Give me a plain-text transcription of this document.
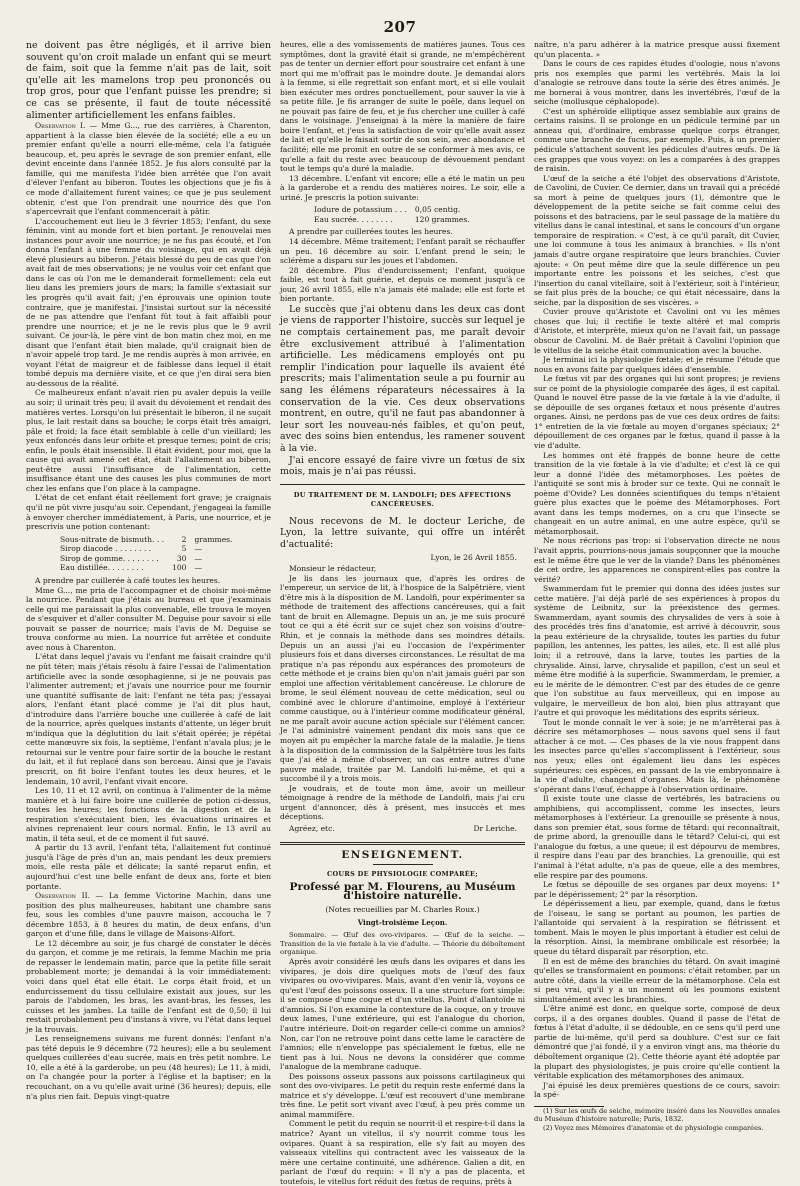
207

ne doivent pas être négligés, et il arrive bien souvent qu'on croit malade un enfant qui se meurt de faim, soit que la femme n'ait pas de lait, soit qu'elle ait les mamelons trop peu prononcés ou trop gros, pour que l'enfant puisse les prendre; si ce cas se présente, il faut de toute nécessité alimenter artificiellement les enfans faibles.

Observation I. — Mme G..., rue des carrières, à Charenton, appartient à la classe bien élevée de la société; elle a eu un premier enfant qu'elle a nourri elle-même, cela l'a fatiguée beaucoup, et, peu après le sevrage de son premier enfant, elle devint enceinte dans l'année 1852. Je fus alors consulté par la famille, qui me manifesta l'idée bien arrêtée que l'on avait d'élever l'enfant au biberon. Toutes les objections que je fis à ce mode d'allaitement furent vaines; ce que je pus seulement obtenir, c'est que l'on prendrait une nourrice dès que l'on s'apercevrait que l'enfant commencerait à pâtir.

L'accouchement eut lieu le 3 février 1853; l'enfant, du sexe féminin, vint au monde fort et bien portant. Je renouvelai mes instances pour avoir une nourrice; je ne fus pas écouté, et l'on donna l'enfant à une femme du voisinage, qui en avait déjà élevé plusieurs au biberon. J'étais blessé du peu de cas que l'on avait fait de mes observations; je ne voulus voir cet enfant que dans le cas où l'on me le demanderait formellement: cela eut lieu dans les premiers jours de mars; la famille s'extasiait sur les progrès qu'il avait fait; j'en éprouvais une opinion toute contraire, que je manifestai. J'insistai surtout sur la nécessité de ne pas attendre que l'enfant fût tout à fait affaibli pour prendre une nourrice; et je ne le revis plus que le 9 avril suivant. Ce jour-là, le père vint de bon matin chez moi, en me disant que l'enfant était bien malade, qu'il craignait bien de n'avoir appelé trop tard. Je me rendis auprès à mon arrivée, en voyant l'état de maigreur et de faiblesse dans lequel il était tombé depuis ma dernière visite, et ce que j'en dirai sera bien au-dessous de la réalité.

Ce malheureux enfant n'avait rien pu avaler depuis la veille au soir; il urinait très peu; il avait du dévoiement et rendait des matières vertes. Lorsqu'on lui présentait le biberon, il ne suçait plus, le lait restait dans sa bouche; le corps était très amaigri, pâle et froid; la face était semblable à celle d'un vieillard; les yeux enfoncés dans leur orbite et presque ternes; point de cris; enfin, le pouls était insensible. Il était évident, pour moi, que la cause qui avait amené cet état, était l'allaitement au biberon, peut-être aussi l'insuffisance de l'alimentation, cette insuffisance étant une des causes les plus communes de mort chez les enfans que l'on place à la campagne.

L'état de cet enfant était réellement fort grave; je craignais qu'il ne pût vivre jusqu'au soir. Cependant, j'engageai la famille à envoyer chercher immédiatement, à Paris, une nourrice, et je prescrivis une potion contenant:

Sous-nitrate de bismuth. . .	2	grammes.
Sirop diacode . . . . . . . .	5	—
Sirop de gomme. . . . . . . .	30	—
Eau distillée. . . . . . . .	100	—

A prendre par cuillerée à café toutes les heures.

Mme G..., me pria de l'accompagner et de choisir moi-même la nourrice. Pendant que j'étais au bureau et que j'examinais celle qui me paraissait la plus convenable, elle trouva le moyen de s'esquiver et d'aller consulter M. Deguise pour savoir si elle pouvait se passer de nourrice; mais l'avis de M. Deguise se trouva conforme au mien. La nourrice fut arrêtée et conduite avec nous à Charenton.

L'état dans lequel j'avais vu l'enfant me faisait craindre qu'il ne pût téter; mais j'étais résolu à faire l'essai de l'alimentation artificielle avec la sonde œsophagienne, si je ne pouvais pas l'alimenter autrement; et j'avais une nourrice pour me fournir une quantité suffisante de lait: l'enfant ne téta pas; j'essayai alors, l'enfant étant placé comme je l'ai dit plus haut, d'introduire dans l'arrière bouche une cuillerée à café de lait de la nourrice, après quelques instants d'attente, un léger bruit m'indiqua que la déglutition du lait s'était opérée; je répétai cette manœuvre six fois, la septième, l'enfant n'avala plus; je le retournai sur le ventre pour faire sortir de la bouche le restant du lait, et il fut replacé dans son berceau. Ainsi que je l'avais prescrit, on fit boire l'enfant toutes les deux heures, et le lendemain, 10 avril, l'enfant vivait encore.

Les 10, 11 et 12 avril, on continua à l'alimenter de la même manière et à lui faire boire une cuillerée de potion ci-dessus, toutes les heures; les fonctions de la digestion et de la respiration s'exécutaient bien, les évacuations urinaires et alvines reprenaient leur cours normal. Enfin, le 13 avril au matin, il téta seul, et de ce moment il fut sauvé.

A partir du 13 avril, l'enfant téta, l'allaitement fut continué jusqu'à l'âge de près d'un an, mais pendant les deux premiers mois, elle resta pâle et délicate; la santé reparut enfin, et aujourd'hui c'est une belle enfant de deux ans, forte et bien portante.

Observation II. — La femme Victorine Machin, dans une position des plus malheureuses, habitant une chambre sans feu, sous les combles d'une pauvre maison, accoucha le 7 décembre 1853, à 8 heures du matin, de deux enfans, d'un garçon et d'une fille, dans le village de Maisons-Alfort.

Le 12 décembre au soir, je fus chargé de constater le décès du garçon, et comme je me retirais, la femme Machin me pria de repasser le lendemain matin, parce que la petite fille serait probablement morte; je demandai à la voir immédiatement: voici dans quel état elle était. Le corps était froid, et un endurcissement du tissu cellulaire existait aux joues, sur les parois de l'abdomen, les bras, les avant-bras, les fesses, les cuisses et les jambes. La taille de l'enfant est de 0,50; il lui restait probablement peu d'instans à vivre, vu l'état dans lequel je la trouvais.

Les renseignemens suivans me furent donnés: l'enfant n'a pas tété depuis le 9 décembre (72 heures); elle a bu seulement quelques cuillerées d'eau sucrée, mais en très petit nombre. Le 10, elle a été à la garderobe, un peu (48 heures); Le 11, à midi, on l'a changée pour la porter à l'église et la baptiser; en la recouchant, on a vu qu'elle avait uriné (36 heures); depuis, elle n'a plus rien fait. Depuis vingt-quatre

heures, elle a des vomissements de matières jaunes. Tous ces symptômes, dont la gravité était si grande, ne m'empêchèrent pas de tenter un dernier effort pour soustraire cet enfant à une mort qui me m'offrait pas le moindre doute. Je demandai alors à la femme, si elle regrettait son enfant mort, et si elle voulait bien exécuter mes ordres ponctuellement, pour sauver la vie à sa petite fille. Je fis arranger de suite le poêle, dans lequel on ne pouvait pas faire de feu, et je fus chercher une cuiller à café dans le voisinage. J'enseignai à la mère la manière de faire boire l'enfant, et j'eus la satisfaction de voir qu'elle avait assez de lait et qu'elle le faisait sortir de son sein, avec abondance et facilité; elle me promit en outre de se conformer à mes avis, ce qu'elle a fait du reste avec beaucoup de dévouement pendant tout le temps qu'a duré la maladie.

13 décembre. L'enfant vit encore; elle a été le matin un peu à la garderobe et a rendu des matières noires. Le soir, elle a uriné. Je prescris la potion suivante:

Iodure de potassium . . .	0,05 centig.
Eau sucrée. . . . . . . .	120 grammes.

A prendre par cuillerées toutes les heures.

14 décembre. Même traitement; l'enfant paraît se réchauffer un peu. 16 décembre au soir. L'enfant prend le sein; le sclérème a disparu sur les joues et l'abdomen.

28 décembre. Plus d'endurcissement; l'enfant, quoique faible, est tout à fait guérie, et depuis ce moment jusqu'à ce jour, 26 avril 1855, elle n'a jamais été malade; elle est forte et bien portante.

Le succès que j'ai obtenu dans les deux cas dont je viens de rapporter l'histoire, succès sur lequel je ne comptais certainement pas, me paraît devoir être exclusivement attribué à l'alimentation artificielle. Les médicamens employés ont pu remplir l'indication pour laquelle ils avaient été prescrits; mais l'alimentation seule a pu fournir au sang les élémens réparateurs nécessaires à la conservation de la vie. Ces deux observations montrent, en outre, qu'il ne faut pas abandonner à leur sort les nouveau-nés faibles, et qu'on peut, avec des soins bien entendus, les ramener souvent à la vie.

J'ai encore essayé de faire vivre un fœtus de six mois, mais je n'ai pas réussi.

DU TRAITEMENT DE M. LANDOLFI; DES AFFECTIONS CANCÉREUSES.

Nous recevons de M. le docteur Leriche, de Lyon, la lettre suivante, qui offre un intérêt d'actualité:

Lyon, le 26 Avril 1855.

Monsieur le rédacteur,

Je lis dans les journaux que, d'après les ordres de l'empereur, un service de lit, à l'hospice de la Salpêtrière, vient d'être mis à la disposition de M. Landolfi, pour expérimenter sa méthode de traitement des affections cancéreuses, qui a fait tant de bruit en Allemagne. Depuis un an, je me suis procuré tout ce qui a été écrit sur ce sujet chez son voisins d'outre-Rhin, et je connais la méthode dans ses moindres détails. Depuis un an aussi j'ai eu l'occasion de l'expérimenter plusieurs fois et dans diverses circonstances. Le résultat de ma pratique n'a pas répondu aux espérances des promoteurs de cette méthode et je crains bien qu'on n'ait jamais guéri par son emploi une affection véritablement cancéreuse. Le chlorure de brome, le seul élément nouveau de cette médication, seul ou combiné avec le chlorure d'antimoine, employé à l'extérieur comme caustique, ou à l'intérieur comme modificateur général, ne me paraît avoir aucune action spéciale sur l'élément cancer. Je l'ai administré vainement pendant dix mois sans que ce moyen ait pu empêcher la marche fatale de la maladie. Je tiens à la disposition de la commission de la Salpêtrière tous les faits que j'ai été à même d'observer, un cas entre autres d'une pauvre malade, traitée par M. Landolfi lui-même, et qui a succombé il y a trois mois.

Je voudrais, et de toute mon âme, avoir un meilleur témoignage à rendre de la méthode de Landolfi, mais j'ai cru urgent d'annoncer, dès à présent, mes insuccès et mes déceptions.

Agréez, etc.	Dr Leriche.
ENSEIGNEMENT.
COURS DE PHYSIOLOGIE COMPARÉE;
Professé par M. Flourens, au Muséum d'histoire naturelle.
(Notes recueillies par M. Charles Roux.)
Vingt-troisième Leçon.

Sommaire. — Œuf des ovo-vivipares. — Œuf de la seiche. — Transition de la vie fœtale à la vie d'adulte. — Théorie du déboîtement organique.

Après avoir considéré les œufs dans les ovipares et dans les vivipares, je dois dire quelques mots de l'œuf des faux vivipares ou ovo-vivipares. Mais, avant d'en venir là, voyons ce qu'est l'œuf des poissons osseux. Il a une structure fort simple: il se compose d'une coque et d'un vitellus. Point d'allantoïde ni d'amnios. Si l'on examine la contexture de la coque, on y trouve deux lames, l'une extérieure, qui est l'analogue du chorion, l'autre intérieure. Doit-on regarder celle-ci comme un amnios? Non, car l'on ne retrouve point dans cette lame le caractère de l'amnios; elle n'enveloppe pas spécialement le fœtus, elle ne tient pas à lui. Nous ne devons la considérer que comme l'analogue de la membrane caduque.

Des poissons osseux passons aux poissons cartilagineux qui sont des ovo-vivipares. Le petit du requin reste enfermé dans la matrice et s'y développe. L'œuf est recouvert d'une membrane très fine. Le petit sort vivant avec l'œuf, à peu près comme un animal mammifère.

Comment le petit du requin se nourrit-il et respire-t-il dans la matrice? Ayant un vitellus, il s'y nourrit comme tous les ovipares. Quant à sa respiration, elle s'y fait au moyen des vaisseaux vitellins qui contractent avec les vaisseaux de la mère une certaine continuité, une adhérence. Galien a dit, en parlant de l'œuf du requin: « Il n'y a pas de placenta, et toutefois, le vitellus fort réduit des fœtus de requins, prêts à

naître, n'a paru adhérer à la matrice presque aussi fixement qu'un placenta. »

Dans le cours de ces rapides études d'oologie, nous n'avons pris nos exemples que parmi les vertébrés. Mais la loi d'analogie se retrouve dans toute la série des êtres animés. Je me bornerai à vous montrer, dans les invertébrés, l'œuf de la seiche (mollusque céphalopode).

C'est un sphéroïde elliptique assez semblable aux grains de certains raisins. Il se prolonge en un pédicule terminé par un anneau qui, d'ordinaire, embrasse quelque corps étranger, comme une branche de fucus, par exemple. Puis, à un premier pédicule s'attachent souvent les pédicules d'autres œufs. De là ces grappes que vous voyez: on les a comparées à des grappes de raisin.

L'œuf de la seiche a été l'objet des observations d'Aristote, de Cavolini, de Cuvier. Ce dernier, dans un travail qui a précédé sa mort à peine de quelques jours (1), démontre que le développement de la petite seiche se fait comme celui des poissons et des batraciens, par le seul passage de la matière du vitellus dans le canal intestinal, et sans le concours d'un organe temporaire de respiration. « C'est, à ce qu'il paraît, dit Cuvier, une loi commune à tous les animaux à branchies. » Ils n'ont jamais d'autre organe respiratoire que leurs branchies. Cuvier ajoute: « On peut même dire que la seule différence un peu importante entre les poissons et les seiches, c'est que l'insertion du canal vitellaire, soit à l'extérieur, soit à l'intérieur, se fait plus près de la bouche; ce qui était nécessaire, dans la seiche, par la disposition de ses viscères. »

Cuvier prouve qu'Aristote et Cavolini ont vu les mêmes choses que lui; il rectifie le texte altéré et mal compris d'Aristote, et interprète, mieux qu'on ne l'avait fait, un passage obscur de Cavolini. M. de Baër prêtait à Cavolini l'opinion que le vitellus de la seiche était communication avec la bouche.

Je terminai ici la physiologie fœtale; et je résume l'étude que nous en avons faite par quelques idées d'ensemble.

Le fœtus vit par des organes qui lui sont propres; je reviens sur ce point de la physiologie comparée des âges, il est capital. Quand le nouvel être passe de la vie fœtale à la vie d'adulte, il se dépouille de ses organes fœtaux et nous présente d'autres organes. Ainsi, ne perdons pas de vue ces deux ordres de faits: 1° entretien de la vie fœtale au moyen d'organes spéciaux; 2° dépouillement de ces organes par le fœtus, quand il passe à la vie d'adulte.

Les hommes ont été frappés de bonne heure de cette transition de la vie fœtale à la vie d'adulte; et c'est là ce qui leur a donné l'idée des métamorphoses. Les poètes de l'antiquité se sont mis à broder sur ce texte. Qui ne connaît le poème d'Ovide? Les données scientifiques du temps n'étaient guère plus exactes que le poème des Métamorphoses. Fort avant dans les temps modernes, on a cru que l'insecte se changeait en un autre animal, en une autre espèce, qu'il se métamorphosait.

Ne nous récrions pas trop: si l'observation directe ne nous l'avait appris, pourrions-nous jamais soupçonner que la mouche est le même être que le ver de la viande? Dans les phénomènes de cet ordre, les apparences ne conspirent-elles pas contre la vérité?

Swammerdam fut le premier qui donna des idées justes sur cette matière. J'ai déjà parlé de ses expériences à propos du système de Leibnitz, sur la préexistence des germes. Swammerdam, ayant soumis des chrysalides de vers à soie à des procédés très fins d'anatomie, est arrivé à découvrir, sous la peau extérieure de la chrysalide, toutes les parties du futur papillon, les antennes, les pattes, les ailes, etc. Il est allé plus loin; il a retrouvé, dans la larve, toutes les parties de la chrysalide. Ainsi, larve, chrysalide et papillon, c'est un seul et même être modifié à la superficie. Swammerdam, le premier, a eu le mérite de le démontrer. C'est par des études de ce genre que l'on substitue au faux merveilleux, qui en impose au vulgaire, le merveilleux de bon aloi, bien plus attrayant que l'autre et qui provoque les méditations des esprits sérieux.

Tout le monde connaît le ver à soie; je ne m'arrêterai pas à décrire ses métamorphoses — nous savons quel sens il faut attacher à ce mot. — Ces phases de la vie nous frappent dans les insectes parce qu'elles s'accomplissent à l'extérieur, sous nos yeux; elles ont également lieu dans les espèces supérieures: ces espèces, en passant de la vie embryonnaire à la vie d'adulte, changent d'organes. Mais là, le phénomène s'opérant dans l'œuf, échappe à l'observation ordinaire.

Il existe toute une classe de vertébrés, les batraciens ou amphibiens, qui accomplissent, comme les insectes, leurs métamorphoses à l'extérieur. La grenouille se présente à nous, dans son premier état, sous forme de têtard: qui reconnaîtrait, de prime abord, la grenouille dans le têtard? Celui-ci, qui est l'analogue du fœtus, a une queue; il est dépourvu de membres, il respire dans l'eau par des branchies. La grenouille, qui est l'animal à l'état adulte, n'a pas de queue, elle a des membres, elle respire par des poumons.

Le fœtus se dépouille de ses organes par deux moyens: 1° par le dépérissement; 2° par la résorption.

Le dépérissement a lieu, par exemple, quand, dans le fœtus de l'oiseau, le sang se portant au poumon, les parties de l'allantoïde qui servaient à la respiration se flétrissent et tombent. Mais le moyen le plus important à étudier est celui de la résorption. Ainsi, la membrane ombilicale est résorbée; la queue du têtard disparaît par résorption, etc.

Il en est de même des branchies du têtard. On avait imaginé qu'elles se transformaient en poumons: c'était retomber, par un autre côté, dans la vieille erreur de la métamorphose. Cela est si peu vrai, qu'il y a un moment où les poumons existent simultanément avec les branchies.

L'être animé est donc, en quelque sorte, composé de deux corps, il a des organes doubles. Quand il passe de l'état de fœtus à l'état d'adulte, il se dédouble, en ce sens qu'il perd une partie de lui-même, qu'il perd sa doublure. C'est sur ce fait démontré que j'ai fondé, il y a environ vingt ans, ma théorie du déboîtement organique (2). Cette théorie ayant été adoptée par la plupart des physiologistes, je puis croire qu'elle contient la véritable explication des métamorphoses des animaux.

J'ai épuisé les deux premières questions de ce cours, savoir: la spé-

(1) Sur les œufs de seiche, mémoire inséré dans les Nouvelles annales du Muséum d'histoire naturelle; Paris, 1832.

(2) Voyez mes Mémoires d'anatomie et de physiologie comparées.
